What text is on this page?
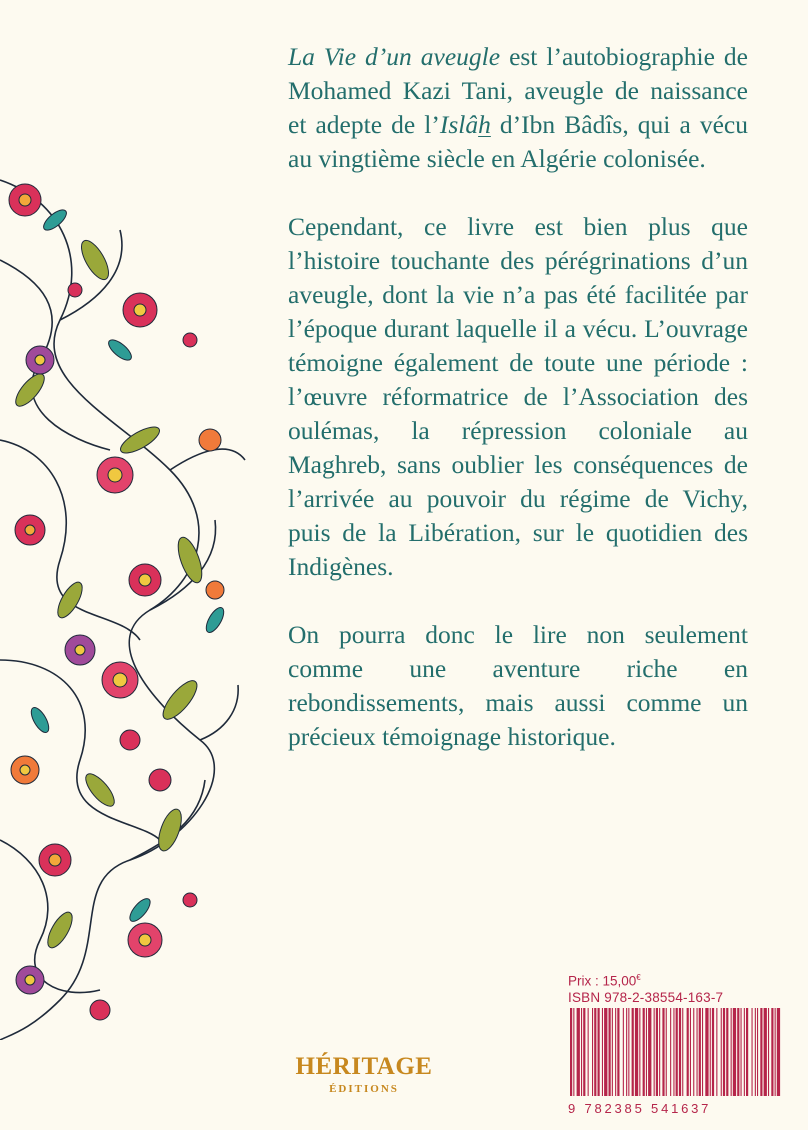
La Vie d’un aveugle est l’autobiographie de Mohamed Kazi Tani, aveugle de naissance et adepte de l’Islâh d’Ibn Bâdîs, qui a vécu au vingtième siècle en Algérie colonisée.

Cependant, ce livre est bien plus que l’histoire touchante des pérégrinations d’un aveugle, dont la vie n’a pas été facilitée par l’époque durant laquelle il a vécu. L’ouvrage témoigne également de toute une période : l’œuvre réformatrice de l’Association des oulémas, la répression coloniale au Maghreb, sans oublier les conséquences de l’arrivée au pouvoir du régime de Vichy, puis de la Libération, sur le quotidien des Indigènes.

On pourra donc le lire non seulement comme une aventure riche en rebondissements, mais aussi comme un précieux témoignage historique.

Prix : 15,00€
ISBN 978-2-38554-163-7
9 782385 541637
HÉRITAGE
ÉDITIONS
